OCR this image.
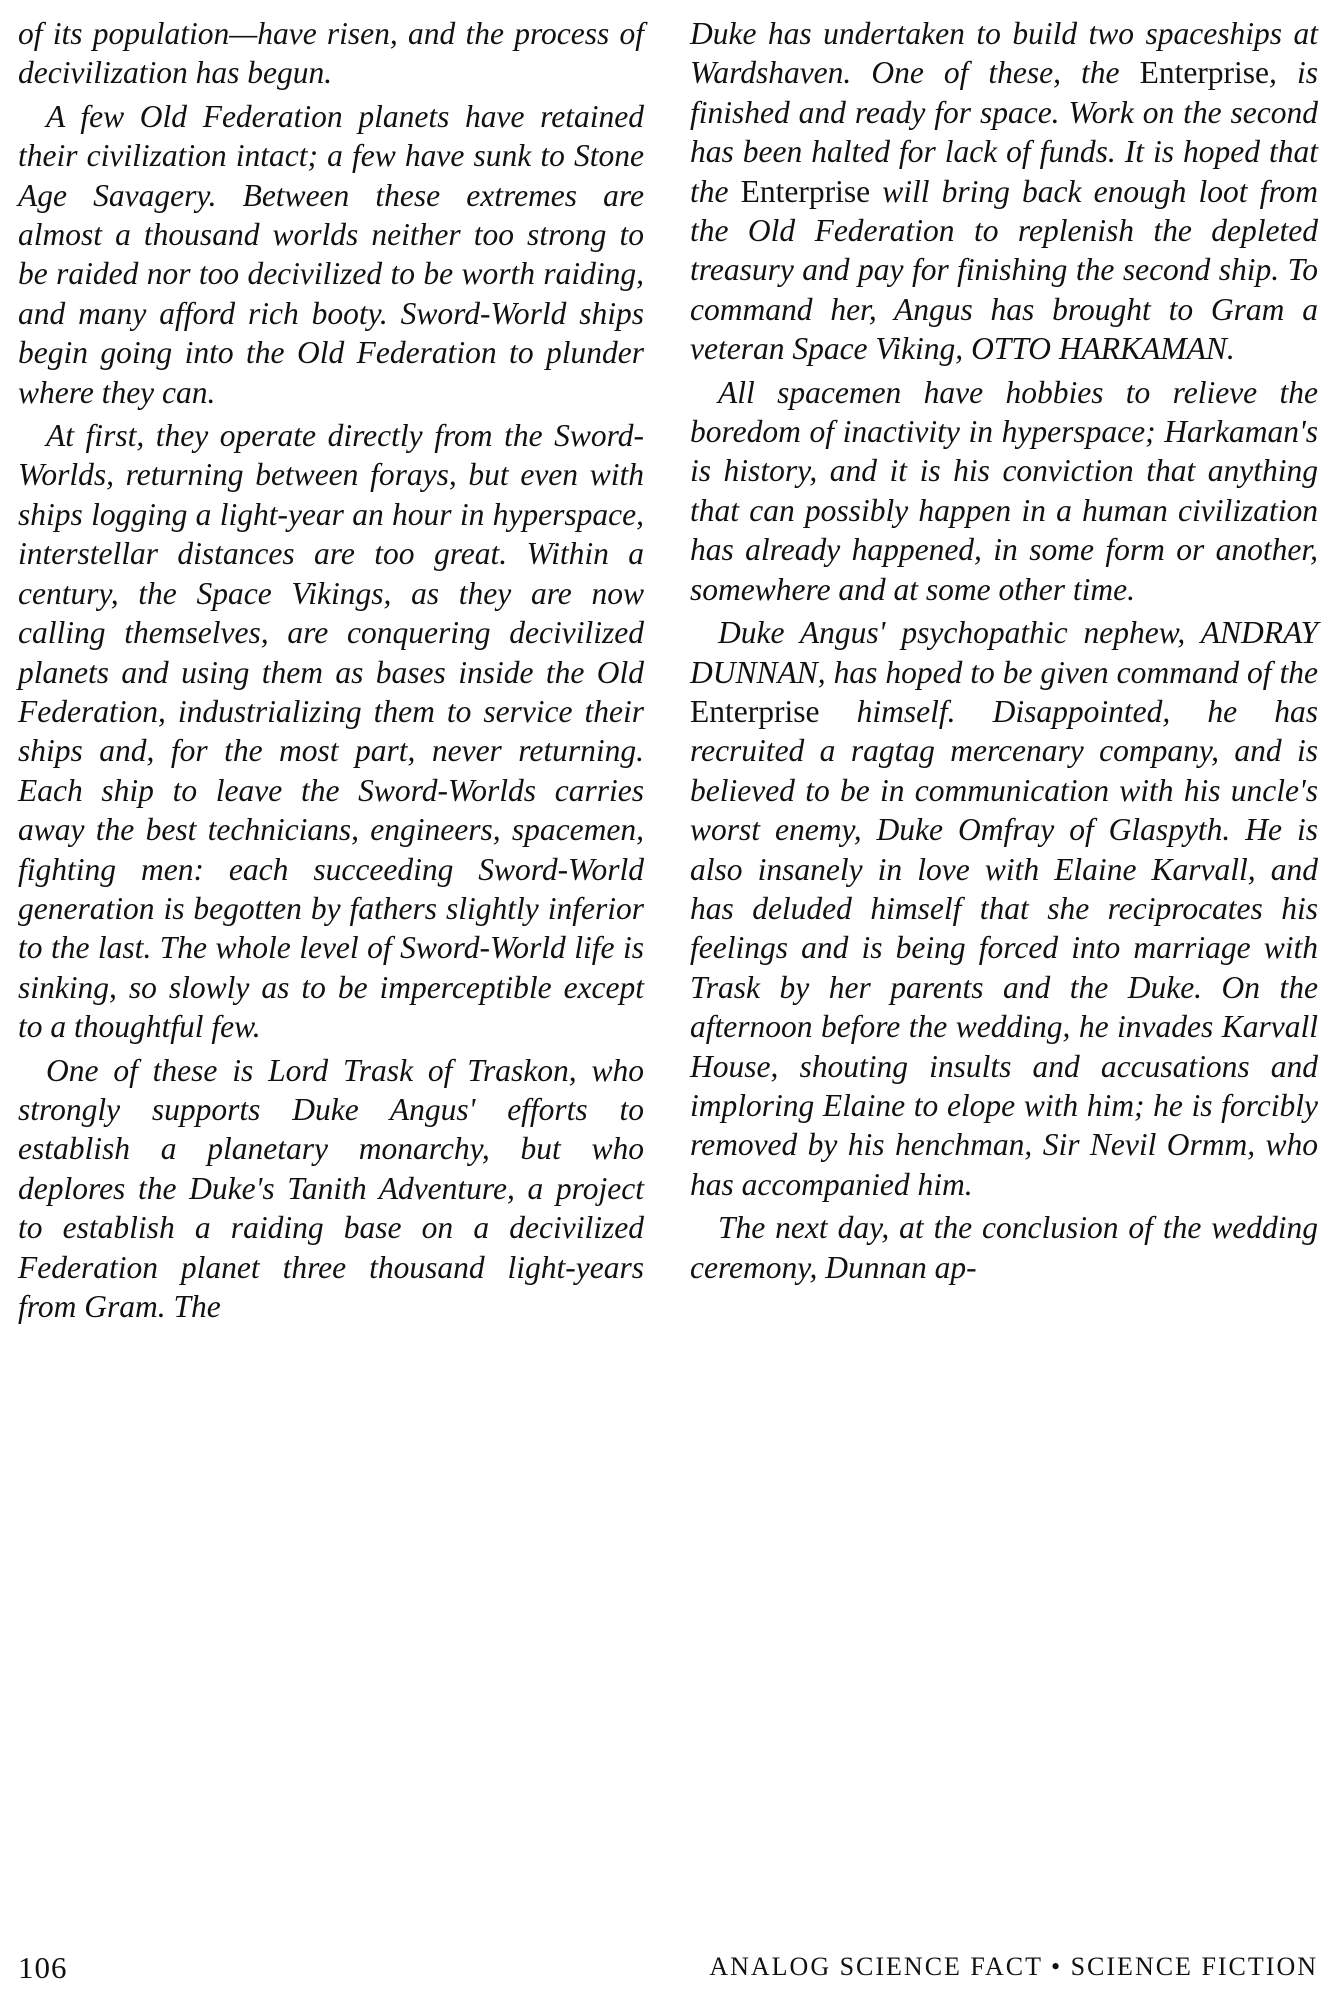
of its population—have risen, and the process of decivilization has begun.

A few Old Federation planets have retained their civilization intact; a few have sunk to Stone Age Savagery. Between these extremes are almost a thousand worlds neither too strong to be raided nor too decivilized to be worth raiding, and many afford rich booty. Sword-World ships begin going into the Old Federation to plunder where they can.

At first, they operate directly from the Sword-Worlds, returning between forays, but even with ships logging a light-year an hour in hyperspace, interstellar distances are too great. Within a century, the Space Vikings, as they are now calling themselves, are conquering decivilized planets and using them as bases inside the Old Federation, industrializing them to service their ships and, for the most part, never returning. Each ship to leave the Sword-Worlds carries away the best technicians, engineers, spacemen, fighting men: each succeeding Sword-World generation is begotten by fathers slightly inferior to the last. The whole level of Sword-World life is sinking, so slowly as to be imperceptible except to a thoughtful few.

One of these is Lord Trask of Traskon, who strongly supports Duke Angus' efforts to establish a planetary monarchy, but who deplores the Duke's Tanith Adventure, a project to establish a raiding base on a decivilized Federation planet three thousand light-years from Gram. The

Duke has undertaken to build two spaceships at Wardshaven. One of these, the Enterprise, is finished and ready for space. Work on the second has been halted for lack of funds. It is hoped that the Enterprise will bring back enough loot from the Old Federation to replenish the depleted treasury and pay for finishing the second ship. To command her, Angus has brought to Gram a veteran Space Viking, OTTO HARKAMAN.

All spacemen have hobbies to relieve the boredom of inactivity in hyperspace; Harkaman's is history, and it is his conviction that anything that can possibly happen in a human civilization has already happened, in some form or another, somewhere and at some other time.

Duke Angus' psychopathic nephew, ANDRAY DUNNAN, has hoped to be given command of the Enterprise himself. Disappointed, he has recruited a ragtag mercenary company, and is believed to be in communication with his uncle's worst enemy, Duke Omfray of Glaspyth. He is also insanely in love with Elaine Karvall, and has deluded himself that she reciprocates his feelings and is being forced into marriage with Trask by her parents and the Duke. On the afternoon before the wedding, he invades Karvall House, shouting insults and accusations and imploring Elaine to elope with him; he is forcibly removed by his henchman, Sir Nevil Ormm, who has accompanied him.

The next day, at the conclusion of the wedding ceremony, Dunnan ap-

106	ANALOG SCIENCE FACT • SCIENCE FICTION
